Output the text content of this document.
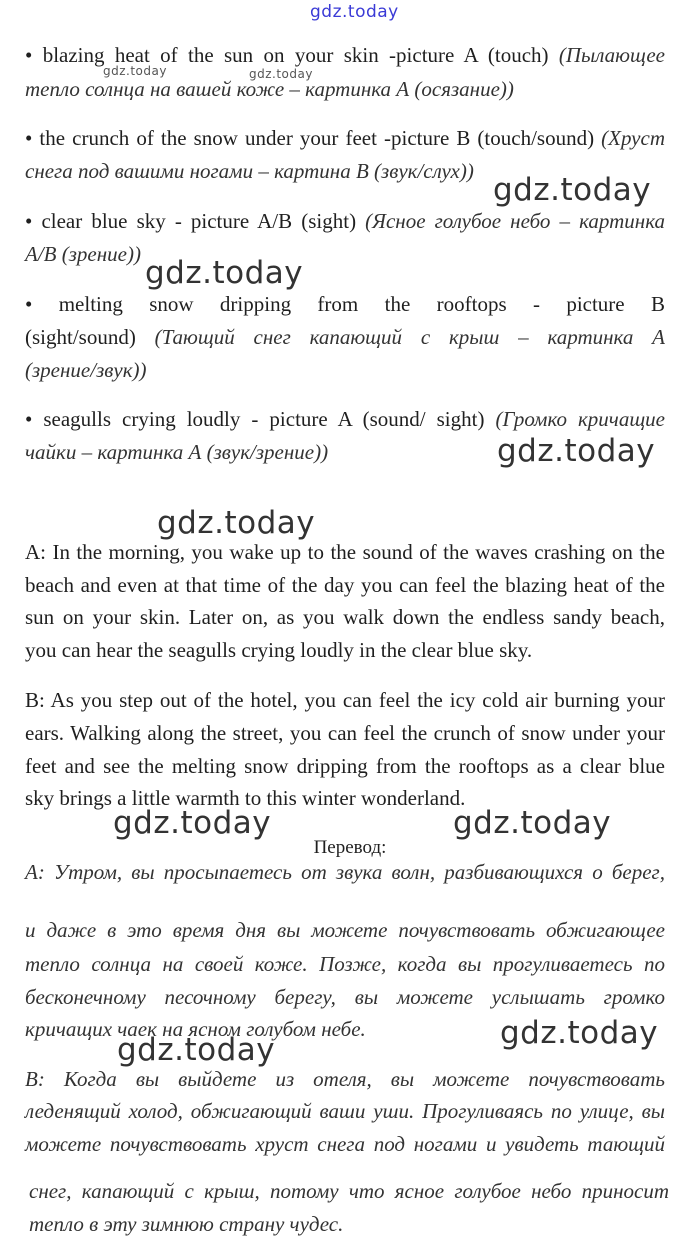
gdz.today
• blazing heat of the sun on your skin -picture A (touch) (Пылающее
тепло солнца на вашей коже – картинка А (осязание))
gdz.today	gdz.today
• the crunch of the snow under your feet -picture B (touch/sound) (Хруст
снега под вашими ногами – картина В (звук/слух))
gdz.today
• clear blue sky - picture A/B (sight) (Ясное голубое небо – картинка
А/В (зрение))
gdz.today
• melting snow dripping from the rooftops - picture B
(sight/sound) (Тающий снег капающий с крыш – картинка А
(зрение/звук))
• seagulls crying loudly - picture A (sound/ sight) (Громко кричащие
чайки – картинка А (звук/зрение))	gdz.today
gdz.today
A: In the morning, you wake up to the sound of the waves crashing on the
beach and even at that time of the day you can feel the blazing heat of the
sun on your skin. Later on, as you walk down the endless sandy beach,
you can hear the seagulls crying loudly in the clear blue sky.
B: As you step out of the hotel, you can feel the icy cold air burning your
ears. Walking along the street, you can feel the crunch of snow under your
feet and see the melting snow dripping from the rooftops as a clear blue
sky brings a little warmth to this winter wonderland.
gdz.today	gdz.today
Перевод:
А: Утром, вы просыпаетесь от звука волн, разбивающихся о берег,
и даже в это время дня вы можете почувствовать обжигающее
тепло солнца на своей коже. Позже, когда вы прогуливаетесь по
бесконечному песочному берегу, вы можете услышать громко
кричащих чаек на ясном голубом небе.	gdz.today
gdz.today
В: Когда вы выйдете из отеля, вы можете почувствовать
леденящий холод, обжигающий ваши уши. Прогуливаясь по улице, вы
можете почувствовать хруст снега под ногами и увидеть тающий
снег, капающий с крыш, потому что ясное голубое небо приносит
тепло в эту зимнюю страну чудес.
